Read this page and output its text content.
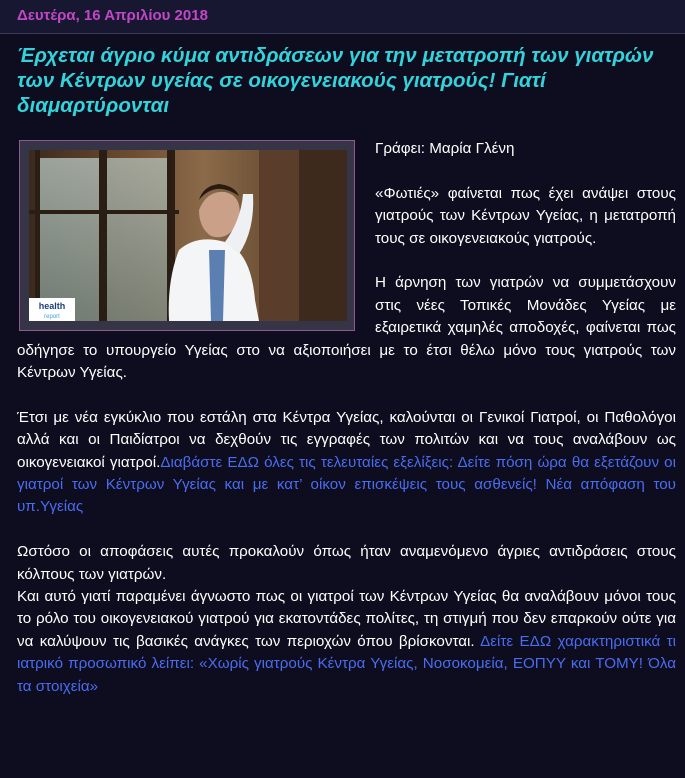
Δευτέρα, 16 Απριλίου 2018
Έρχεται άγριο κύμα αντιδράσεων για την μετατροπή των γιατρών των Κέντρων υγείας σε οικογενειακούς γιατρούς! Γιατί διαμαρτύρονται
health
report

Γράφει: Μαρία Γλένη

«Φωτιές» φαίνεται πως έχει ανάψει στους γιατρούς των Κέντρων Υγείας, η μετατροπή τους σε οικογενειακούς γιατρούς.

Η άρνηση των γιατρών να συμμετάσχουν στις νέες Τοπικές Μονάδες Υγείας με εξαιρετικά χαμηλές αποδοχές, φαίνεται πως οδήγησε το υπουργείο Υγείας στο να αξιοποιήσει με το έτσι θέλω μόνο τους γιατρούς των Κέντρων Υγείας.

Έτσι με νέα εγκύκλιο που εστάλη στα Κέντρα Υγείας, καλούνται οι Γενικοί Γιατροί, οι Παθολόγοι αλλά και οι Παιδίατροι να δεχθούν τις εγγραφές των πολιτών και να τους αναλάβουν ως οικογενειακοί γιατροί.Διαβάστε ΕΔΩ όλες τις τελευταίες εξελίξεις: Δείτε πόση ώρα θα εξετάζουν οι γιατροί των Κέντρων Υγείας και με κατ’ οίκον επισκέψεις τους ασθενείς! Νέα απόφαση του υπ.Υγείας

Ωστόσο οι αποφάσεις αυτές προκαλούν όπως ήταν αναμενόμενο άγριες αντιδράσεις στους κόλπους των γιατρών.

Και αυτό γιατί παραμένει άγνωστο πως οι γιατροί των Κέντρων Υγείας θα αναλάβουν μόνοι τους το ρόλο του οικογενειακού γιατρού για εκατοντάδες πολίτες, τη στιγμή που δεν επαρκούν ούτε για να καλύψουν τις βασικές ανάγκες των περιοχών όπου βρίσκονται. Δείτε ΕΔΩ χαρακτηριστικά τι ιατρικό προσωπικό λείπει: «Χωρίς γιατρούς Κέντρα Υγείας, Νοσοκομεία, ΕΟΠΥΥ και ΤΟΜΥ! Όλα τα στοιχεία»
